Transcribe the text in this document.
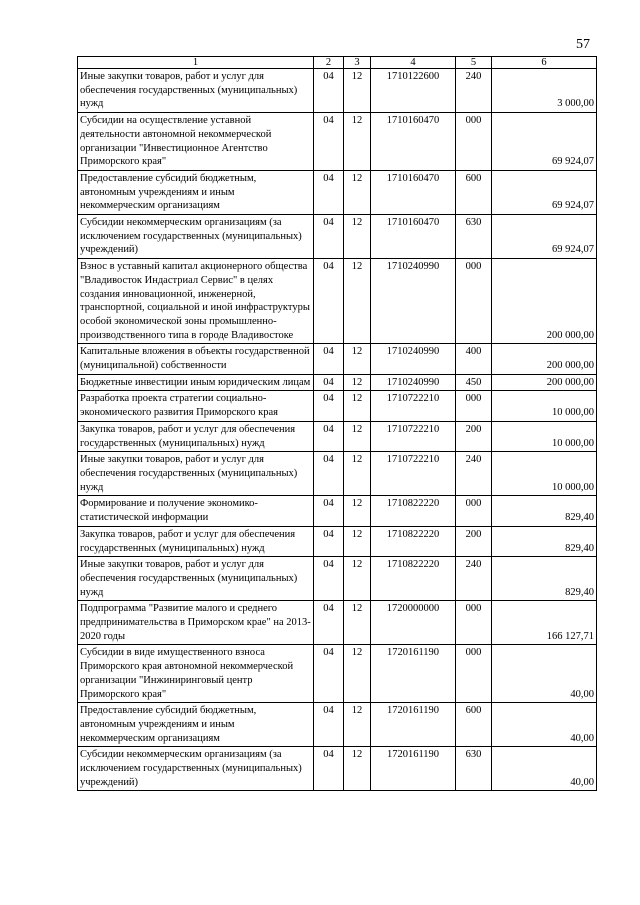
57
1	2	3	4	5	6
Иные закупки товаров, работ и услуг для обеспечения государственных (муниципальных) нужд	04	12	1710122600	240	3 000,00
Субсидии на осуществление уставной деятельности автономной некоммерческой организации "Инвестиционное Агентство Приморского края"	04	12	1710160470	000	69 924,07
Предоставление субсидий бюджетным, автономным учреждениям и иным некоммерческим организациям	04	12	1710160470	600	69 924,07
Субсидии некоммерческим организациям (за исключением государственных (муниципальных) учреждений)	04	12	1710160470	630	69 924,07
Взнос в уставный капитал акционерного общества "Владивосток Индастриал Сервис" в целях создания инновационной, инженерной, транспортной, социальной и иной инфраструктуры особой экономической зоны промышленно-производственного типа в городе Владивостоке	04	12	1710240990	000	200 000,00
Капитальные вложения в объекты государственной (муниципальной) собственности	04	12	1710240990	400	200 000,00
Бюджетные инвестиции иным юридическим лицам	04	12	1710240990	450	200 000,00
Разработка проекта стратегии социально-экономического развития Приморского края	04	12	1710722210	000	10 000,00
Закупка товаров, работ и услуг для обеспечения государственных (муниципальных) нужд	04	12	1710722210	200	10 000,00
Иные закупки товаров, работ и услуг для обеспечения государственных (муниципальных) нужд	04	12	1710722210	240	10 000,00
Формирование и получение экономико-статистической информации	04	12	1710822220	000	829,40
Закупка товаров, работ и услуг для обеспечения государственных (муниципальных) нужд	04	12	1710822220	200	829,40
Иные закупки товаров, работ и услуг для обеспечения государственных (муниципальных) нужд	04	12	1710822220	240	829,40
Подпрограмма "Развитие малого и среднего предпринимательства в Приморском крае" на 2013-2020 годы	04	12	1720000000	000	166 127,71
Субсидии в виде имущественного взноса Приморского края автономной некоммерческой организации "Инжиниринговый центр Приморского края"	04	12	1720161190	000	40,00
Предоставление субсидий бюджетным, автономным учреждениям и иным некоммерческим организациям	04	12	1720161190	600	40,00
Субсидии некоммерческим организациям (за исключением государственных (муниципальных) учреждений)	04	12	1720161190	630	40,00
